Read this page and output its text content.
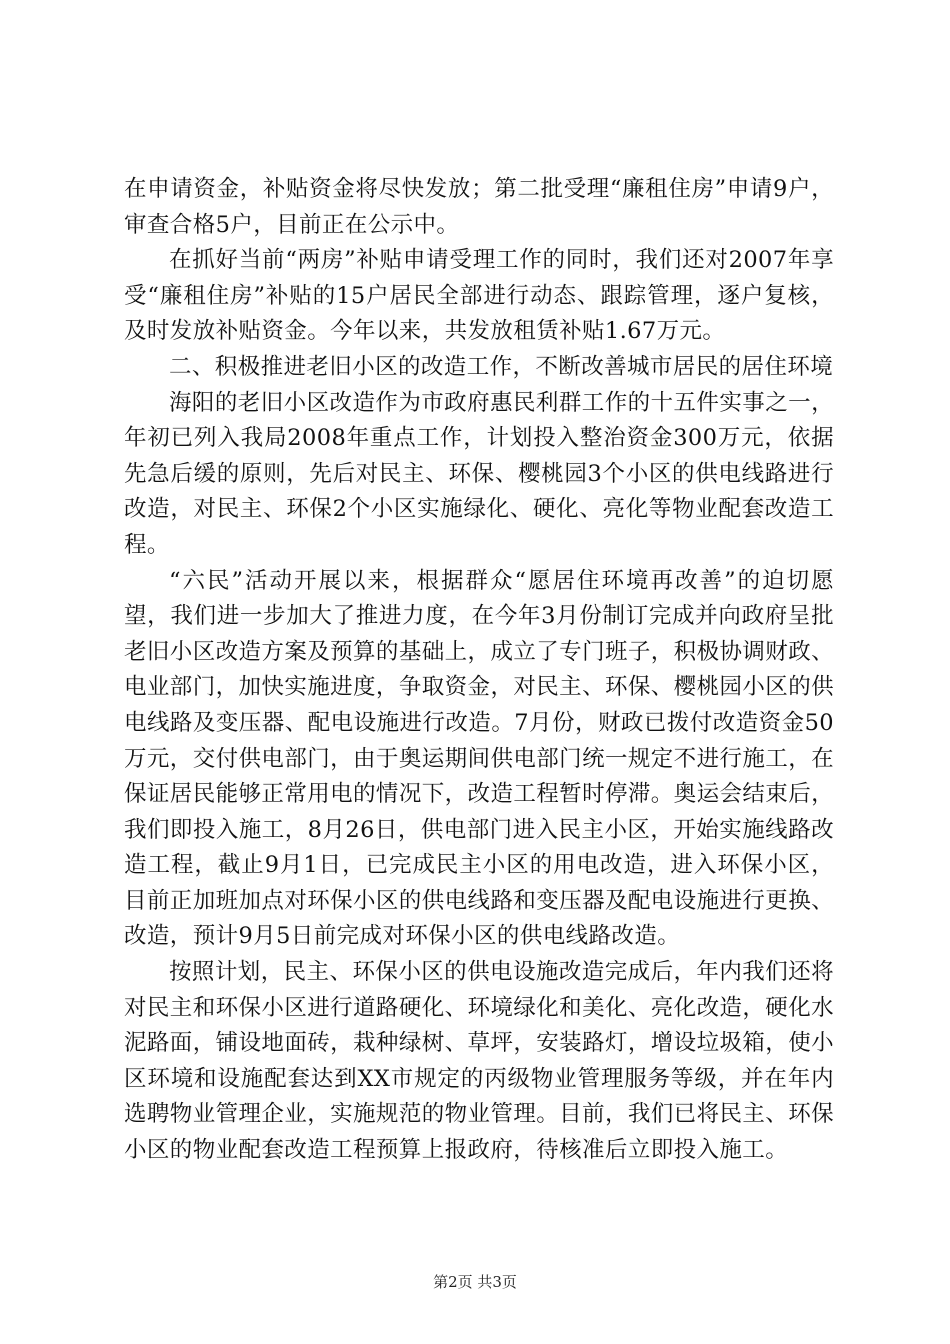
在申请资金，补贴资金将尽快发放；第二批受理“廉租住房”申请9户，审查合格5户，目前正在公示中。

在抓好当前“两房”补贴申请受理工作的同时，我们还对2007年享受“廉租住房”补贴的15户居民全部进行动态、跟踪管理，逐户复核，及时发放补贴资金。今年以来，共发放租赁补贴1.67万元。

二、积极推进老旧小区的改造工作，不断改善城市居民的居住环境

海阳的老旧小区改造作为市政府惠民利群工作的十五件实事之一，年初已列入我局2008年重点工作，计划投入整治资金300万元，依据先急后缓的原则，先后对民主、环保、樱桃园3个小区的供电线路进行改造，对民主、环保2个小区实施绿化、硬化、亮化等物业配套改造工程。

“六民”活动开展以来，根据群众“愿居住环境再改善”的迫切愿望，我们进一步加大了推进力度，在今年3月份制订完成并向政府呈批老旧小区改造方案及预算的基础上，成立了专门班子，积极协调财政、电业部门，加快实施进度，争取资金，对民主、环保、樱桃园小区的供电线路及变压器、配电设施进行改造。7月份，财政已拨付改造资金50万元，交付供电部门，由于奥运期间供电部门统一规定不进行施工，在保证居民能够正常用电的情况下，改造工程暂时停滞。奥运会结束后，我们即投入施工，8月26日，供电部门进入民主小区，开始实施线路改造工程，截止9月1日，已完成民主小区的用电改造，进入环保小区，目前正加班加点对环保小区的供电线路和变压器及配电设施进行更换、改造，预计9月5日前完成对环保小区的供电线路改造。

按照计划，民主、环保小区的供电设施改造完成后，年内我们还将对民主和环保小区进行道路硬化、环境绿化和美化、亮化改造，硬化水泥路面，铺设地面砖，栽种绿树、草坪，安装路灯，增设垃圾箱，使小区环境和设施配套达到XX市规定的丙级物业管理服务等级，并在年内选聘物业管理企业，实施规范的物业管理。目前，我们已将民主、环保小区的物业配套改造工程预算上报政府，待核准后立即投入施工。

第2页 共3页
